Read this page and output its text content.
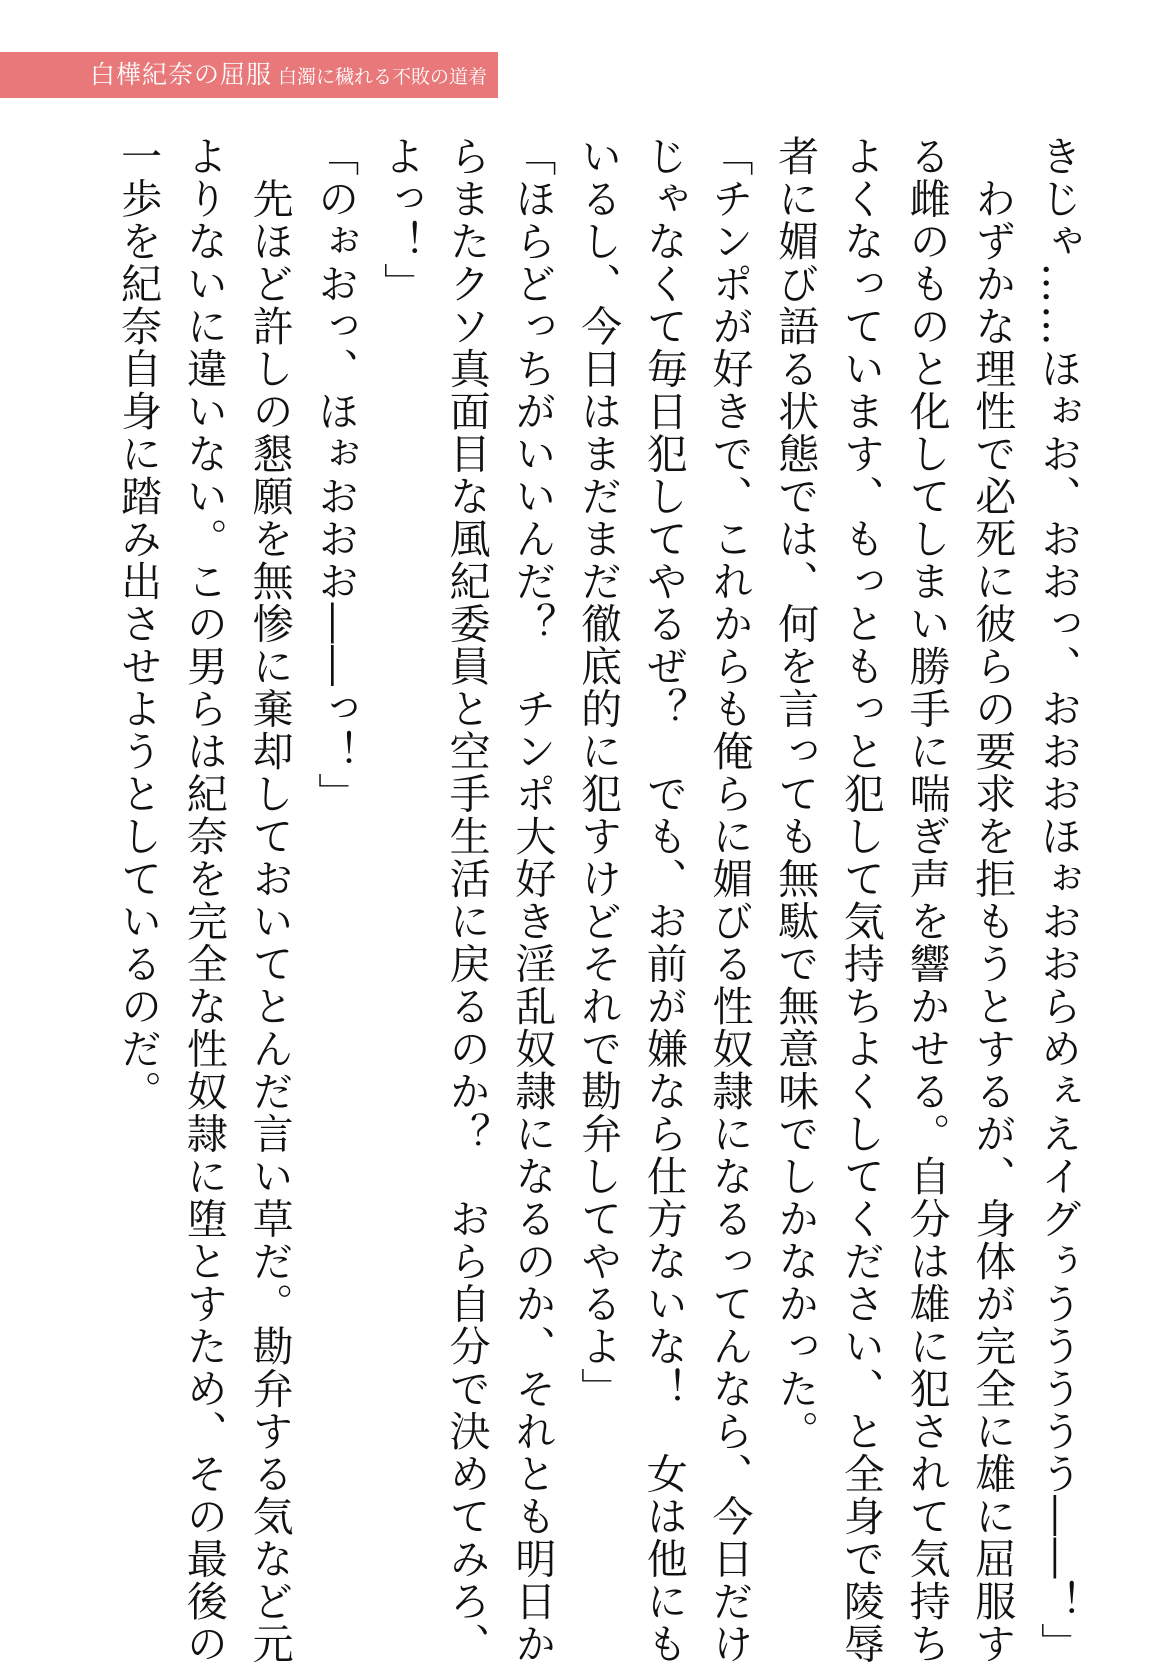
白樺紀奈の屈服 白濁に穢れる不敗の道着
きじゃ……ほぉお、おおっ、おおおほぉおおらめぇえイグぅううううう――！」
　わずかな理性で必死に彼らの要求を拒もうとするが、身体が完全に雄に屈服す
る雌のものと化してしまい勝手に喘ぎ声を響かせる。自分は雄に犯されて気持ち
よくなっています、もっともっと犯して気持ちよくしてください、と全身で陵辱
者に媚び語る状態では、何を言っても無駄で無意味でしかなかった。
「チンポが好きで、これからも俺らに媚びる性奴隷になるってんなら、今日だけ
じゃなくて毎日犯してやるぜ？　でも、お前が嫌なら仕方ないな！　女は他にも
いるし、今日はまだまだ徹底的に犯すけどそれで勘弁してやるよ」
「ほらどっちがいいんだ？　チンポ大好き淫乱奴隷になるのか、それとも明日か
らまたクソ真面目な風紀委員と空手生活に戻るのか？　おら自分で決めてみろ、
よっ！」
「のぉおっ、ほぉおおお――っ！」
　先ほど許しの懇願を無惨に棄却しておいてとんだ言い草だ。勘弁する気など元
よりないに違いない。この男らは紀奈を完全な性奴隷に堕とすため、その最後の
一歩を紀奈自身に踏み出させようとしているのだ。
